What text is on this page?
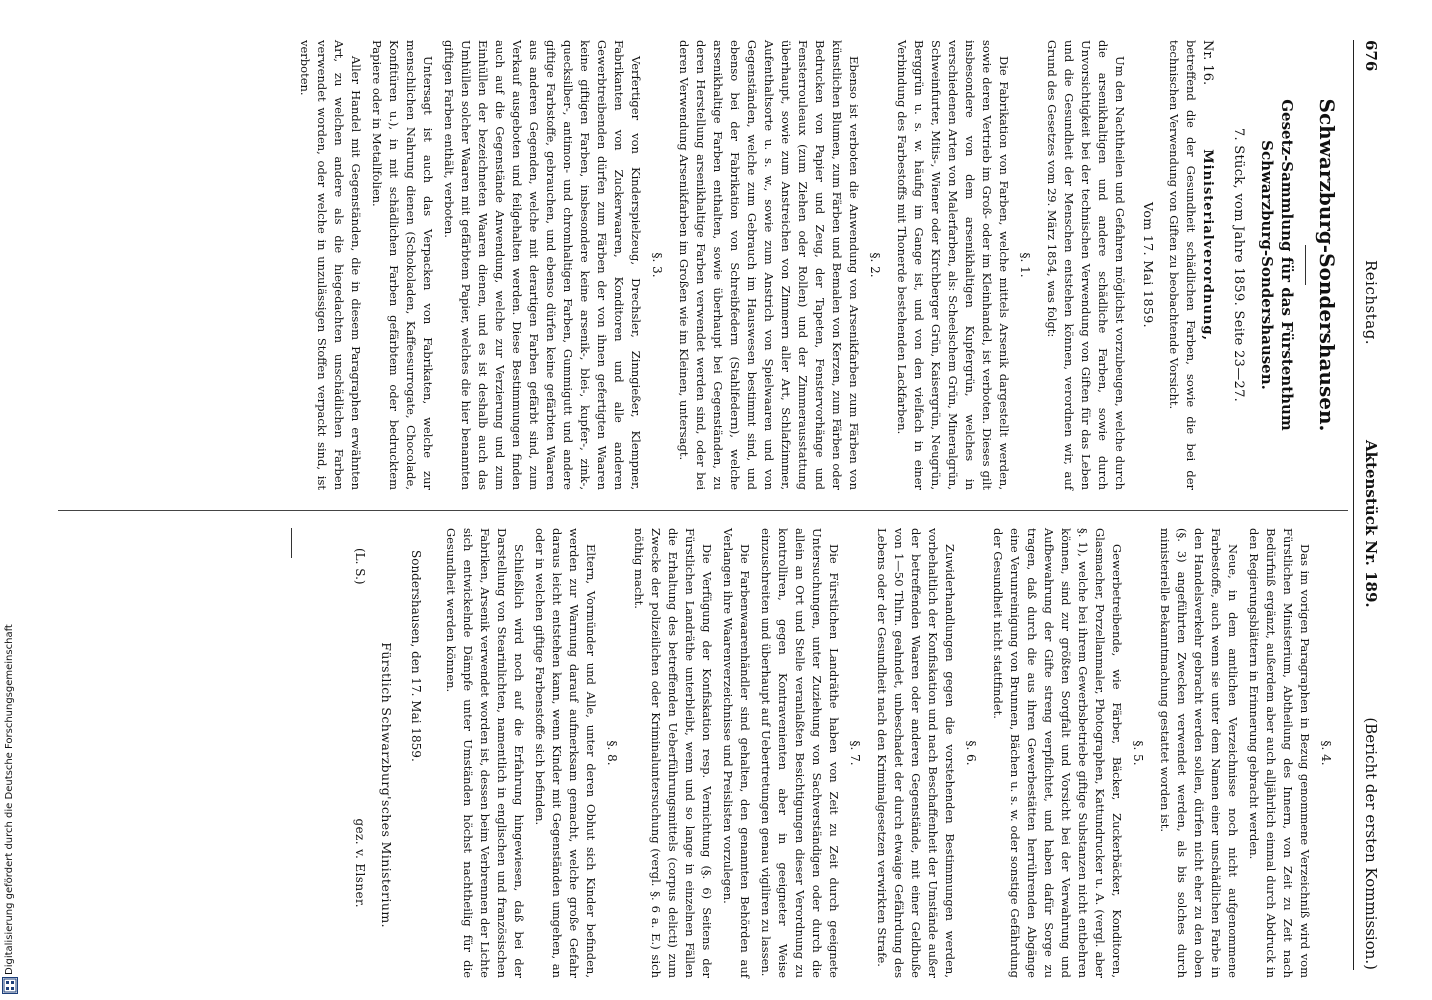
676
Reichstag.
Aktenstück Nr. 189.
(Bericht der ersten Kommission.)
Schwarzburg-Sondershausen.
Gesetz-Sammlung für das Fürstenthum Schwarzburg-Sondershausen.
7. Stück, vom Jahre 1859. Seite 23—27.
Nr. 16. Ministerialverordnung,

betreffend die der Gesundheit schädlichen Farben, sowie die bei der technischen Verwendung von Giften zu beobachtende Vorsicht.

Vom 17. Mai 1859.

Um den Nachtheilen und Gefahren möglichst vorzubeugen, welche durch die arsenikhaltigen und andere schädliche Farben, sowie durch Unvorsichtigkeit bei der technischen Verwendung von Giften für das Leben und die Gesundheit der Menschen entstehen können, verordnen wir, auf Grund des Gesetzes vom 29. März 1854, was folgt:

§. 1.

Die Fabrikation von Farben, welche mittels Arsenik dargestellt werden, sowie deren Vertrieb im Groß- oder im Kleinhandel, ist verboten. Dieses gilt insbesondere von dem arsenikhaltigen Kupfergrün, welches in verschiedenen Arten von Malerfarben, als: Scheelschem Grün, Mineralgrün, Schweinfurter, Mitis-, Wiener oder Kirchberger Grün, Kaisergrün, Neugrün, Berggrün u. s. w. häufig im Gange ist, und von den vielfach in einer Verbindung des Farbestoffs mit Thonerde bestehenden Lackfarben.

§. 2.

Ebenso ist verboten die Anwendung von Arsenikfarben zum Färben von künstlichen Blumen, zum Färben und Bemalen von Kerzen, zum Färben oder Bedrucken von Papier und Zeug, der Tapeten, Fenstervorhänge und Fensterrouleaux (zum Ziehen oder Rollen) und der Zimmerausstattung überhaupt, sowie zum Anstreichen von Zimmern aller Art, Schlafzimmer, Aufenthaltsorte u. s. w., sowie zum Anstrich von Spielwaaren und von Gegenständen, welche zum Gebrauch im Hauswesen bestimmt sind, und ebenso bei der Fabrikation von Schreibfedern (Stahlfedern), welche arsenikhaltige Farben enthalten, sowie überhaupt bei Gegenständen, zu deren Herstellung arsenikhaltige Farben verwendet werden sind, oder bei deren Verwendung Arsenikfarben im Großen wie im Kleinen, untersagt.

§. 3.

Verfertiger von Kinderspielzeug, Drechsler, Zinngießer, Klempner, Fabrikanten von Zuckerwaaren, Konditoren und alle anderen Gewerbtreibenden dürfen zum Färben der von ihnen gefertigten Waaren keine giftigen Farben, insbesondere keine arsenik-, blei-, kupfer-, zink-, quecksilber-, antimon- und chromhaltigen Farben, Gummigutt und andere giftige Farbstoffe, gebrauchen, und ebenso dürfen keine gefärbten Waaren aus anderen Gegenden, welche mit derartigen Farben gefärbt sind, zum Verkauf ausgeboten und feilgehalten werden. Diese Bestimmungen finden auch auf die Gegenstände Anwendung, welche zur Verzierung und zum Einhüllen der bezeichneten Waaren dienen, und es ist deshalb auch das Umhüllen solcher Waaren mit gefärbtem Papier, welches die hier benannten giftigen Farben enthält, verboten.

Untersagt ist auch das Verpacken von Fabrikaten, welche zur menschlichen Nahrung dienen (Schokoladen, Kaffeesurrogate, Chocolade, Konfitüren u.), in mit schädlichen Farben gefärbtem oder bedrucktem Papiere oder in Metallfolien.

Aller Handel mit Gegenständen, die in diesem Paragraphen erwähnten Art, zu welchen andere als die hiegedachten unschädlichen Farben verwendet worden, oder welche in unzulässigen Stoffen verpackt sind, ist verboten.

§. 4.

Das im vorigen Paragraphen in Bezug genommene Verzeichniß wird vom Fürstlichen Ministerium, Abtheilung des Innern, von Zeit zu Zeit nach Bedürfniß ergänzt, außerdem aber auch alljährlich einmal durch Abdruck in den Regierungsblättern in Erinnerung gebracht werden.

Neue, in dem amtlichen Verzeichnisse noch nicht aufgenommene Farbestoffe, auch wenn sie unter dem Namen einer unschädlichen Farbe in den Handelsverkehr gebracht werden sollen, dürfen nicht eher zu den oben (§. 3) angeführten Zwecken verwendet werden, als bis solches durch ministerielle Bekanntmachung gestattet worden ist.

§. 5.

Gewerbetreibende, wie Färber, Bäcker, Zuckerbäcker, Konditoren, Glasmacher, Porzellanmaler, Photographen, Kattundrucker u. A. (vergl. aber §. 1), welche bei ihrem Gewerbsbetriebe giftige Substanzen nicht entbehren können, sind zur größten Sorgfalt und Vorsicht bei der Verwahrung und Aufbewahrung der Gifte streng verpflichtet, und haben dafür Sorge zu tragen, daß durch die aus ihren Gewerbestätten herrührenden Abgänge eine Verunreinigung von Brunnen, Bächen u. s. w. oder sonstige Gefährdung der Gesundheit nicht stattfindet.

§. 6.

Zuwiderhandlungen gegen die vorstehenden Bestimmungen werden, vorbehaltlich der Konfiskation und nach Beschaffenheit der Umstände außer der betreffenden Waaren oder anderen Gegenstände, mit einer Geldbuße von 1—50 Thlrn. geahndet, unbeschadet der durch etwaige Gefährdung des Lebens oder der Gesundheit nach den Kriminalgesetzen verwirkten Strafe.

§. 7.

Die Fürstlichen Landräthe haben von Zeit zu Zeit durch geeignete Untersuchungen, unter Zuziehung von Sachverständigen oder durch die allein an Ort und Stelle veranlaßten Besichtigungen dieser Verordnung zu kontrolliren, gegen Kontravenienten aber in geeigneter Weise einzuschreiten und überhaupt auf Uebertretungen genau vigiliren zu lassen.

Die Farbenwaarenhändler sind gehalten, den genannten Behörden auf Verlangen ihre Waarenverzeichnisse und Preislisten vorzulegen.

Die Verfügung der Konfiskation resp. Vernichtung (§. 6) Seitens der Fürstlichen Landräthe unterbleibt, wenn und so lange in einzelnen Fällen die Erhaltung des betreffenden Ueberführungsmittels (corpus delicti) zum Zwecke der polizeilichen oder Kriminaluntersuchung (vergl. §. 6 a. E.) sich nöthig macht.

§. 8.

Eltern, Vormünder und Alle, unter deren Obhut sich Kinder befinden, werden zur Warnung darauf aufmerksam gemacht, welche große Gefahr daraus leicht entstehen kann, wenn Kinder mit Gegenständen umgehen, an oder in welchen giftige Farbenstoffe sich befinden.

Schließlich wird noch auf die Erfahrung hingewiesen, daß bei der Darstellung von Stearinlichten, namentlich in englischen und französischen Fabriken, Arsenik verwendet worden ist, dessen beim Verbrennen der Lichte sich entwickelnde Dämpfe unter Umständen höchst nachtheilig für die Gesundheit werden können.

Sondershausen, den 17. Mai 1859.
Fürstlich Schwarzburg'sches Ministerium.
(L. S.)
gez. v. Elsner.
Digitalisierung gefördert durch die Deutsche Forschungsgemeinschaft
